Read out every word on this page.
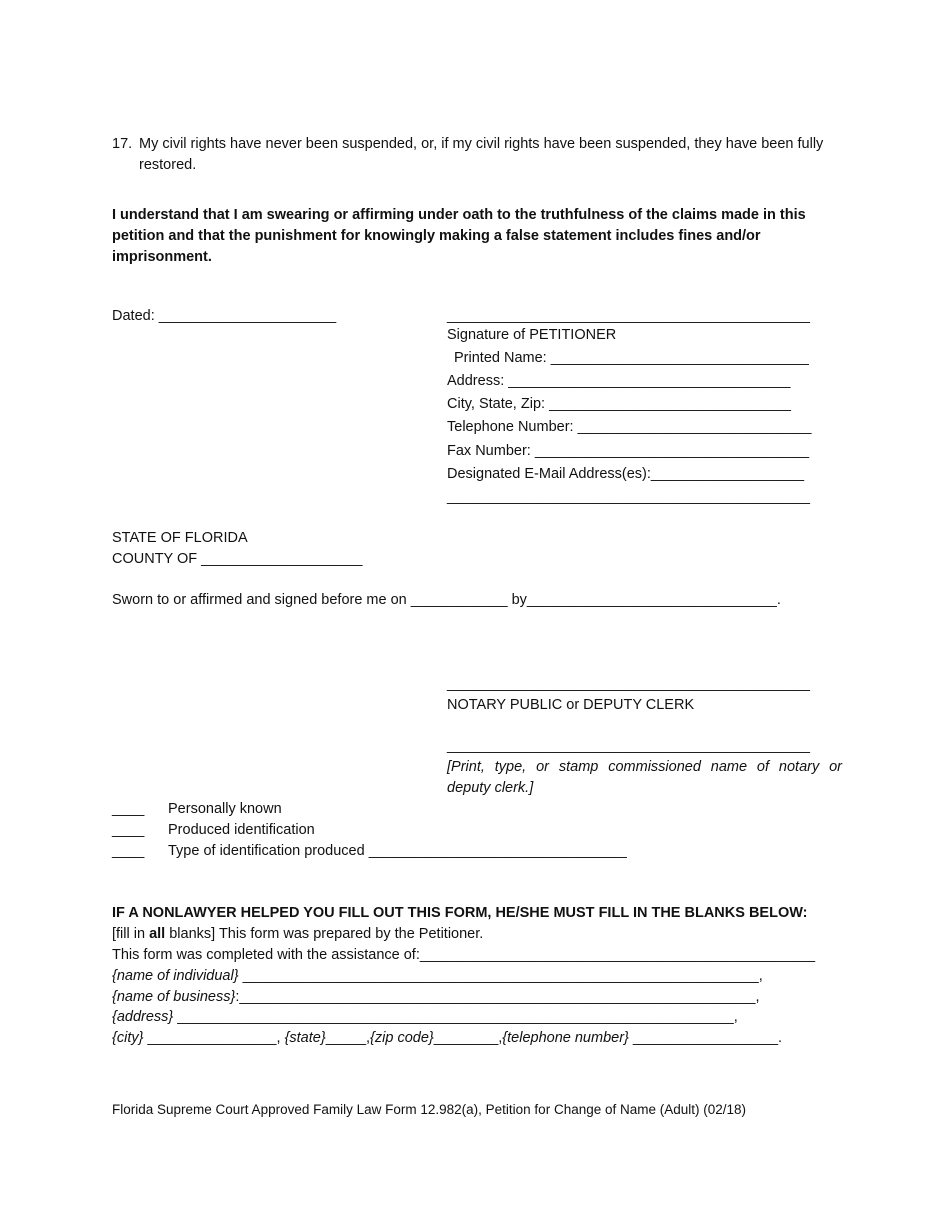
17. My civil rights have never been suspended, or, if my civil rights have been suspended, they have been fully restored.
I understand that I am swearing or affirming under oath to the truthfulness of the claims made in this petition and that the punishment for knowingly making a false statement includes fines and/or imprisonment.
Dated: ______________________	_____________________________________________
Signature of PETITIONER
Printed Name: ________________________________
Address: ___________________________________
City, State, Zip: ______________________________
Telephone Number: _____________________________
Fax Number: __________________________________
Designated E-Mail Address(es):___________________
_____________________________________________
STATE OF FLORIDA
COUNTY OF ____________________
Sworn to or affirmed and signed before me on ____________ by_______________________________.
_____________________________________________
NOTARY PUBLIC or DEPUTY CLERK
_____________________________________________
[Print, type, or stamp commissioned name of notary or deputy clerk.]
____ Personally known
____ Produced identification
____ Type of identification produced ________________________________
IF A NONLAWYER HELPED YOU FILL OUT THIS FORM, HE/SHE MUST FILL IN THE BLANKS BELOW:
[fill in all blanks] This form was prepared by the Petitioner.
This form was completed with the assistance of:_________________________________________________
{name of individual} ________________________________________________________________,
{name of business}:________________________________________________________________,
{address} _____________________________________________________________________,
{city} ________________, {state}_____,{zip code}________,{telephone number} __________________.
Florida Supreme Court Approved Family Law Form 12.982(a), Petition for Change of Name (Adult) (02/18)
